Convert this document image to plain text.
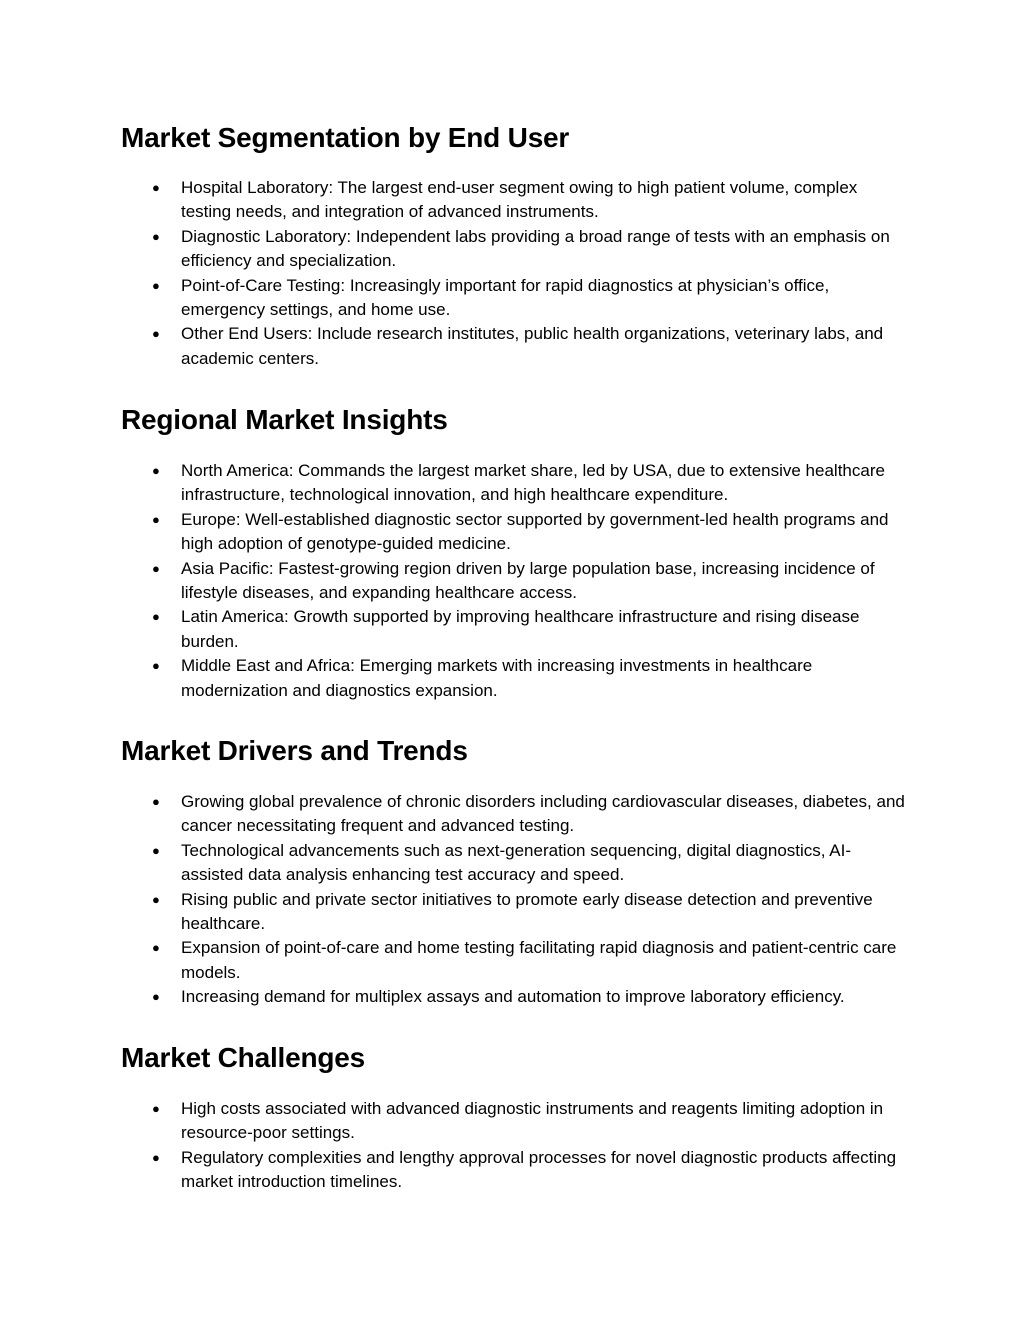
Market Segmentation by End User
● Hospital Laboratory: The largest end-user segment owing to high patient volume, complex testing needs, and integration of advanced instruments.
● Diagnostic Laboratory: Independent labs providing a broad range of tests with an emphasis on efficiency and specialization.
● Point-of-Care Testing: Increasingly important for rapid diagnostics at physician’s office, emergency settings, and home use.
● Other End Users: Include research institutes, public health organizations, veterinary labs, and academic centers.
Regional Market Insights
● North America: Commands the largest market share, led by USA, due to extensive healthcare infrastructure, technological innovation, and high healthcare expenditure.
● Europe: Well-established diagnostic sector supported by government-led health programs and high adoption of genotype-guided medicine.
● Asia Pacific: Fastest-growing region driven by large population base, increasing incidence of lifestyle diseases, and expanding healthcare access.
● Latin America: Growth supported by improving healthcare infrastructure and rising disease burden.
● Middle East and Africa: Emerging markets with increasing investments in healthcare modernization and diagnostics expansion.
Market Drivers and Trends
● Growing global prevalence of chronic disorders including cardiovascular diseases, diabetes, and cancer necessitating frequent and advanced testing.
● Technological advancements such as next-generation sequencing, digital diagnostics, AI-assisted data analysis enhancing test accuracy and speed.
● Rising public and private sector initiatives to promote early disease detection and preventive healthcare.
● Expansion of point-of-care and home testing facilitating rapid diagnosis and patient-centric care models.
● Increasing demand for multiplex assays and automation to improve laboratory efficiency.
Market Challenges
● High costs associated with advanced diagnostic instruments and reagents limiting adoption in resource-poor settings.
● Regulatory complexities and lengthy approval processes for novel diagnostic products affecting market introduction timelines.
